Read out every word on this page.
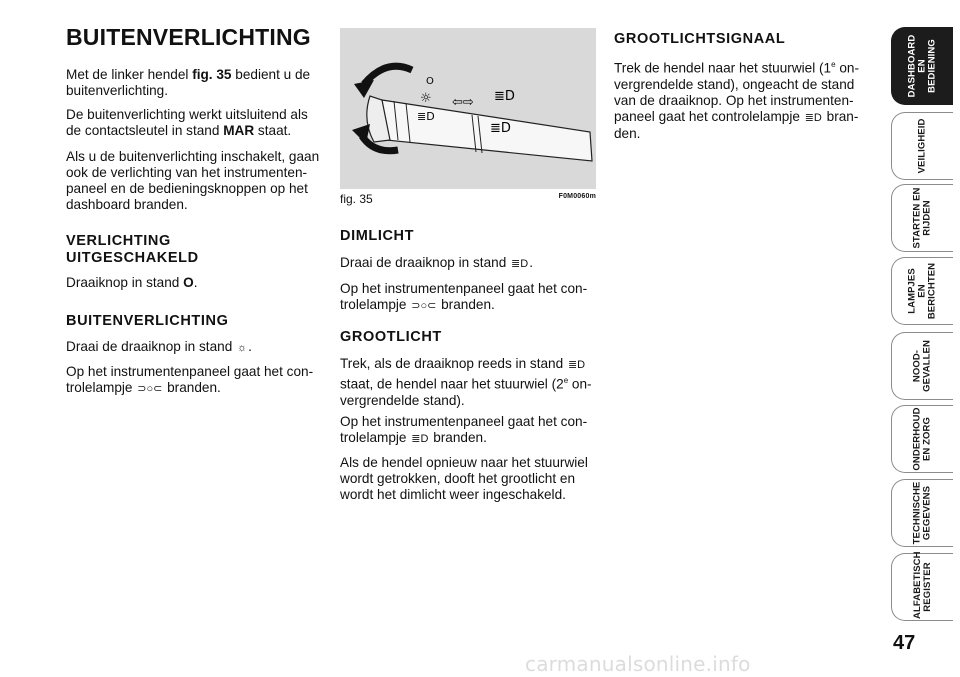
BUITENVERLICHTING

Met de linker hendel fig. 35 bedient u de buitenverlichting.

De buitenverlichting werkt uitsluitend als de contactsleutel in stand MAR staat.

Als u de buitenverlichting inschakelt, gaan ook de verlichting van het instrumenten- paneel en de bedieningsknoppen op het dashboard branden.

VERLICHTING
UITGESCHAKELD

Draaiknop in stand O.

BUITENVERLICHTING

Draai de draaiknop in stand ☼.

Op het instrumentenpaneel gaat het con- trolelampje ⊃○⊂ branden.

☼
O
≣D
⇦⇨ ≣D
≣D
fig. 35	F0M0060m
DIMLICHT

Draai de draaiknop in stand ≣D.

Op het instrumentenpaneel gaat het con- trolelampje ⊃○⊂ branden.

GROOTLICHT

Trek, als de draaiknop reeds in stand ≣D staat, de hendel naar het stuurwiel (2e on- vergrendelde stand).

Op het instrumentenpaneel gaat het con- trolelampje ≣D branden.

Als de hendel opnieuw naar het stuurwiel wordt getrokken, dooft het grootlicht en wordt het dimlicht weer ingeschakeld.

GROOTLICHTSIGNAAL

Trek de hendel naar het stuurwiel (1e on- vergrendelde stand), ongeacht de stand van de draaiknop. Op het instrumenten- paneel gaat het controlelampje ≣D bran- den.

DASHBOARD
EN BEDIENING
VEILIGHEID
STARTEN EN
RIJDEN
LAMPJES EN
BERICHTEN
NOOD-
GEVALLEN
ONDERHOUD
EN ZORG
TECHNISCHE
GEGEVENS
ALFABETISCH
REGISTER
47
carmanualsonline.info
